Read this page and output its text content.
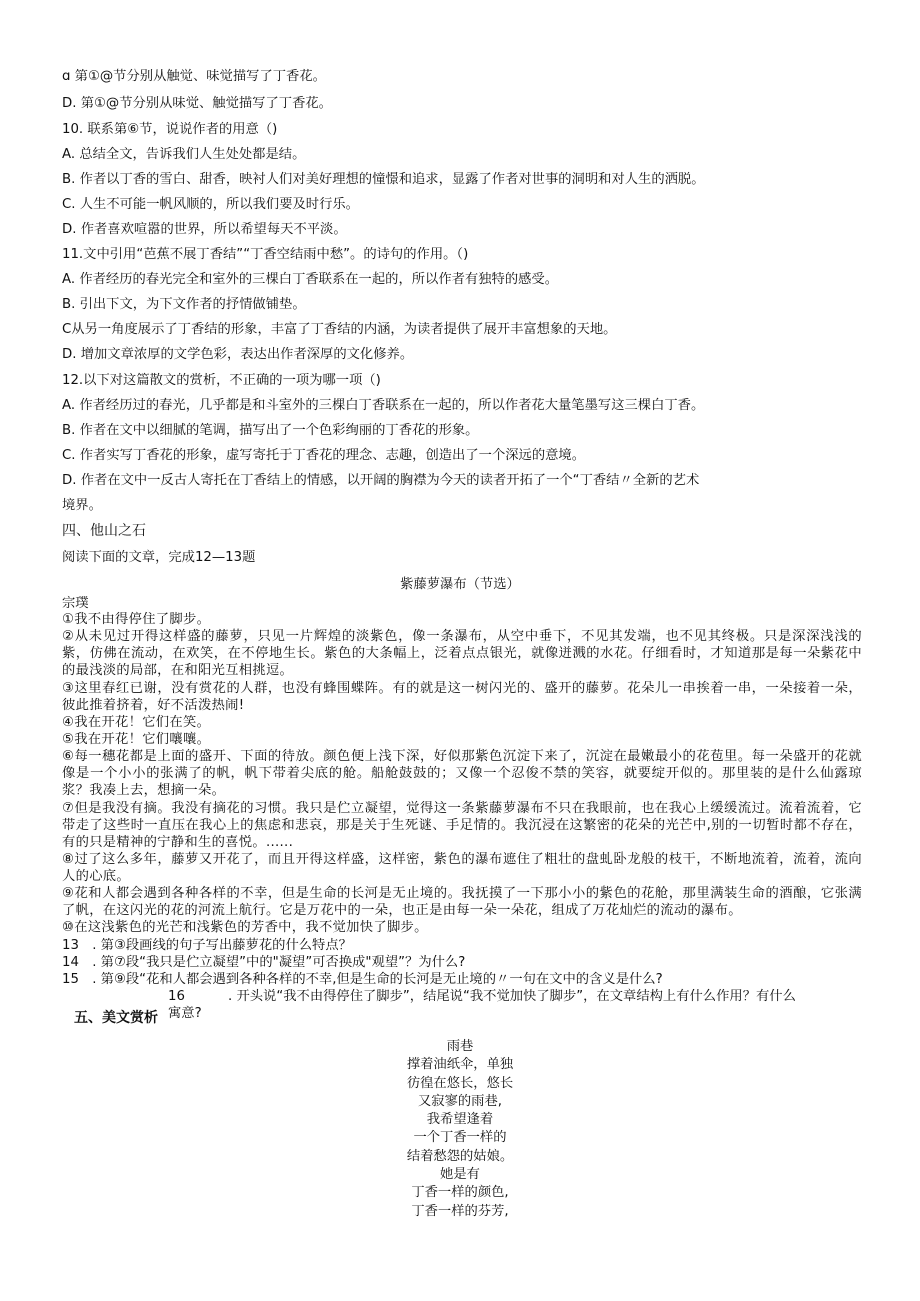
ɑ 第①@节分别从触觉、味觉描写了丁香花。
D. 第①@节分别从味觉、触觉描写了丁香花。
10. 联系第⑥节，说说作者的用意（)
A. 总结全文，告诉我们人生处处都是结。
B. 作者以丁香的雪白、甜香，映衬人们对美好理想的憧憬和追求，显露了作者对世事的洞明和对人生的洒脱。
C. 人生不可能一帆风顺的，所以我们要及时行乐。
D. 作者喜欢喧嚣的世界，所以希望每天不平淡。
11.文中引用“芭蕉不展丁香结”“丁香空结雨中愁”。的诗句的作用。（)
A. 作者经历的春光完全和室外的三棵白丁香联系在一起的，所以作者有独特的感受。
B. 引出下文，为下文作者的抒情做铺垫。
C从另一角度展示了丁香结的形象，丰富了丁香结的内涵，为读者提供了展开丰富想象的天地。
D. 增加文章浓厚的文学色彩，表达出作者深厚的文化修养。
12.以下对这篇散文的赏析，不正确的一项为哪一项（)
A. 作者经历过的春光，几乎都是和斗室外的三棵白丁香联系在一起的，所以作者花大量笔墨写这三棵白丁香。
B. 作者在文中以细腻的笔调，描写出了一个色彩绚丽的丁香花的形象。
C. 作者实写丁香花的形象，虚写寄托于丁香花的理念、志趣，创造出了一个深远的意境。
D. 作者在文中一反古人寄托在丁香结上的情感，以开阔的胸襟为今天的读者开拓了一个“丁香结〃全新的艺术
境界。
四、他山之石
阅读下面的文章，完成12—13题
紫藤萝瀑布（节选）
宗璞
①我不由得停住了脚步。
②从未见过开得这样盛的藤萝，只见一片辉煌的淡紫色，像一条瀑布，从空中垂下，不见其发端，也不见其终极。只是深深浅浅的紫，仿佛在流动，在欢笑，在不停地生长。紫色的大条幅上，泛着点点银光，就像迸溅的水花。仔细看时，才知道那是每一朵紫花中的最浅淡的局部，在和阳光互相挑逗。
③这里春红已谢，没有赏花的人群，也没有蜂围蝶阵。有的就是这一树闪光的、盛开的藤萝。花朵儿一串挨着一串，一朵接着一朵，彼此推着挤着，好不活泼热闹!
④我在开花！它们在笑。
⑤我在开花！它们嚷嚷。
⑥每一穗花都是上面的盛开、下面的待放。颜色便上浅下深，好似那紫色沉淀下来了，沉淀在最嫩最小的花苞里。每一朵盛开的花就像是一个小小的张满了的帆，帆下带着尖底的舱。船舱鼓鼓的；又像一个忍俊不禁的笑容，就要绽开似的。那里装的是什么仙露琼浆？我凑上去，想摘一朵。
⑦但是我没有摘。我没有摘花的习惯。我只是伫立凝望，觉得这一条紫藤萝瀑布不只在我眼前，也在我心上缓缓流过。流着流着，它带走了这些时一直压在我心上的焦虑和悲哀，那是关于生死谜、手足情的。我沉浸在这繁密的花朵的光芒中,别的一切暂时都不存在，有的只是精神的宁静和生的喜悦。......
⑧过了这么多年，藤萝又开花了，而且开得这样盛，这样密，紫色的瀑布遮住了粗壮的盘虬卧龙般的枝干，不断地流着，流着，流向人的心底。
⑨花和人都会遇到各种各样的不幸，但是生命的长河是无止境的。我抚摸了一下那小小的紫色的花舱，那里满装生命的酒酿，它张满了帆，在这闪光的花的河流上航行。它是万花中的一朵，也正是由每一朵一朵花，组成了万花灿烂的流动的瀑布。
⑩在这浅紫色的光芒和浅紫色的芳香中，我不觉加快了脚步。
13　. 第③段画线的句子写出藤萝花的什么特点？
14　. 第⑦段“我只是伫立凝望”中的"凝望”可否换成"观望”？为什么?
15　. 第⑨段“花和人都会遇到各种各样的不幸,但是生命的长河是无止境的〃一句在文中的含义是什么?
16	. 开头说“我不由得停住了脚步”，结尾说“我不觉加快了脚步”，在文章结构上有什么作用？有什么
寓意?
五、美文赏析
雨巷
撑着油纸伞，单独
彷徨在悠长，悠长
又寂寥的雨巷,
我希望逢着
一个丁香一样的
结着愁怨的姑娘。
她是有
丁香一样的颜色,
丁香一样的芬芳,
